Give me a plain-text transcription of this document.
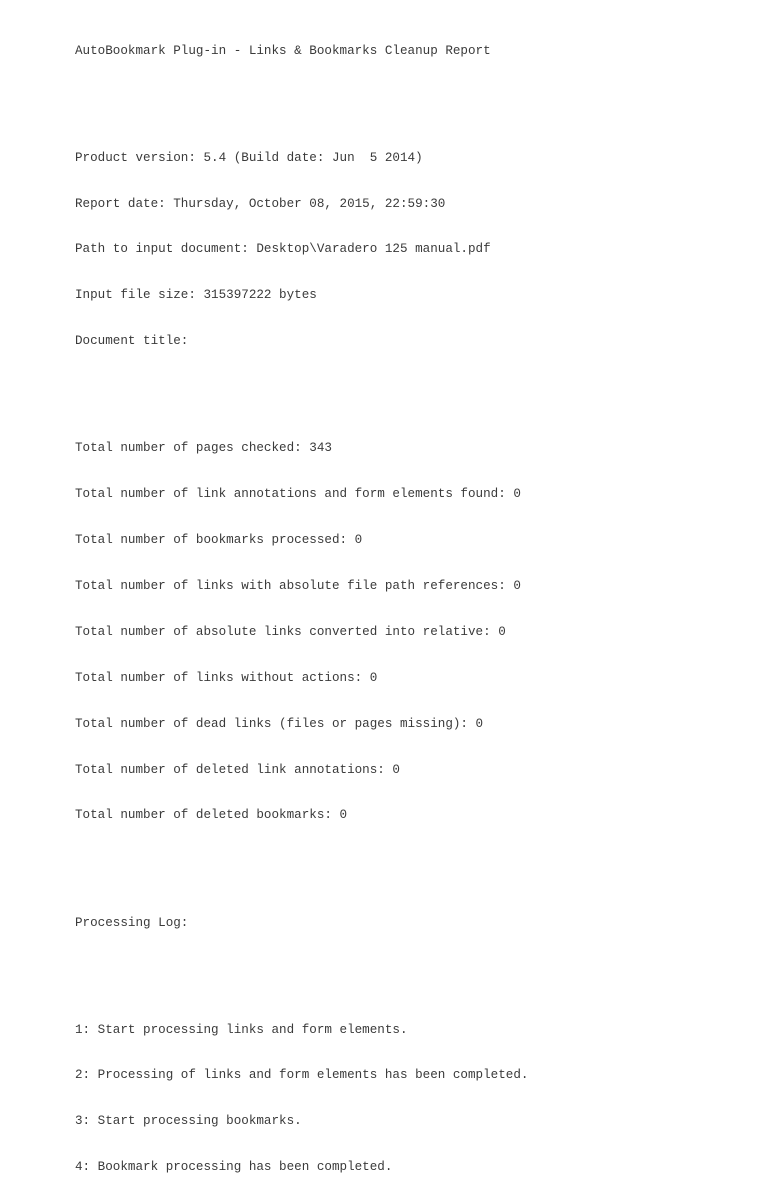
AutoBookmark Plug-in - Links & Bookmarks Cleanup Report

Product version: 5.4 (Build date: Jun  5 2014)

Report date: Thursday, October 08, 2015, 22:59:30

Path to input document: Desktop\Varadero 125 manual.pdf

Input file size: 315397222 bytes

Document title:

Total number of pages checked: 343

Total number of link annotations and form elements found: 0

Total number of bookmarks processed: 0

Total number of links with absolute file path references: 0

Total number of absolute links converted into relative: 0

Total number of links without actions: 0

Total number of dead links (files or pages missing): 0

Total number of deleted link annotations: 0

Total number of deleted bookmarks: 0

Processing Log:

1: Start processing links and form elements.

2: Processing of links and form elements has been completed.

3: Start processing bookmarks.

4: Bookmark processing has been completed.
